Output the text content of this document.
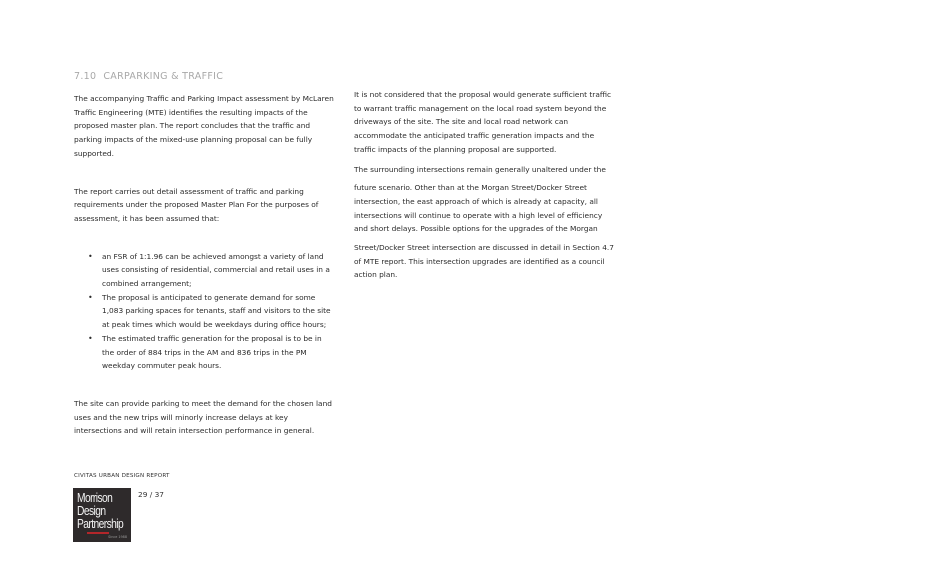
7.10 CARPARKING & TRAFFIC

The accompanying Traffic and Parking Impact assessment by McLaren Traffic Engineering (MTE) identifies the resulting impacts of the proposed master plan. The report concludes that the traffic and parking impacts of the mixed-use planning proposal can be fully supported.

The report carries out detail assessment of traffic and parking requirements under the proposed Master Plan For the purposes of assessment, it has been assumed that:

• an FSR of 1:1.96 can be achieved amongst a variety of land uses consisting of residential, commercial and retail uses in a combined arrangement;
• The proposal is anticipated to generate demand for some 1,083 parking spaces for tenants, staff and visitors to the site at peak times which would be weekdays during office hours;
• The estimated traffic generation for the proposal is to be in the order of 884 trips in the AM and 836 trips in the PM weekday commuter peak hours.

The site can provide parking to meet the demand for the chosen land uses and the new trips will minorly increase delays at key intersections and will retain intersection performance in general.

It is not considered that the proposal would generate sufficient traffic to warrant traffic management on the local road system beyond the driveways of the site. The site and local road network can accommodate the anticipated traffic generation impacts and the traffic impacts of the planning proposal are supported.

The surrounding intersections remain generally unaltered under the

future scenario. Other than at the Morgan Street/Docker Street intersection, the east approach of which is already at capacity, all intersections will continue to operate with a high level of efficiency and short delays. Possible options for the upgrades of the Morgan

Street/Docker Street intersection are discussed in detail in Section 4.7 of MTE report. This intersection upgrades are identified as a council action plan.

CIVITAS URBAN DESIGN REPORT
Morrison
Design
Partnership
Since 1988
29 / 37
